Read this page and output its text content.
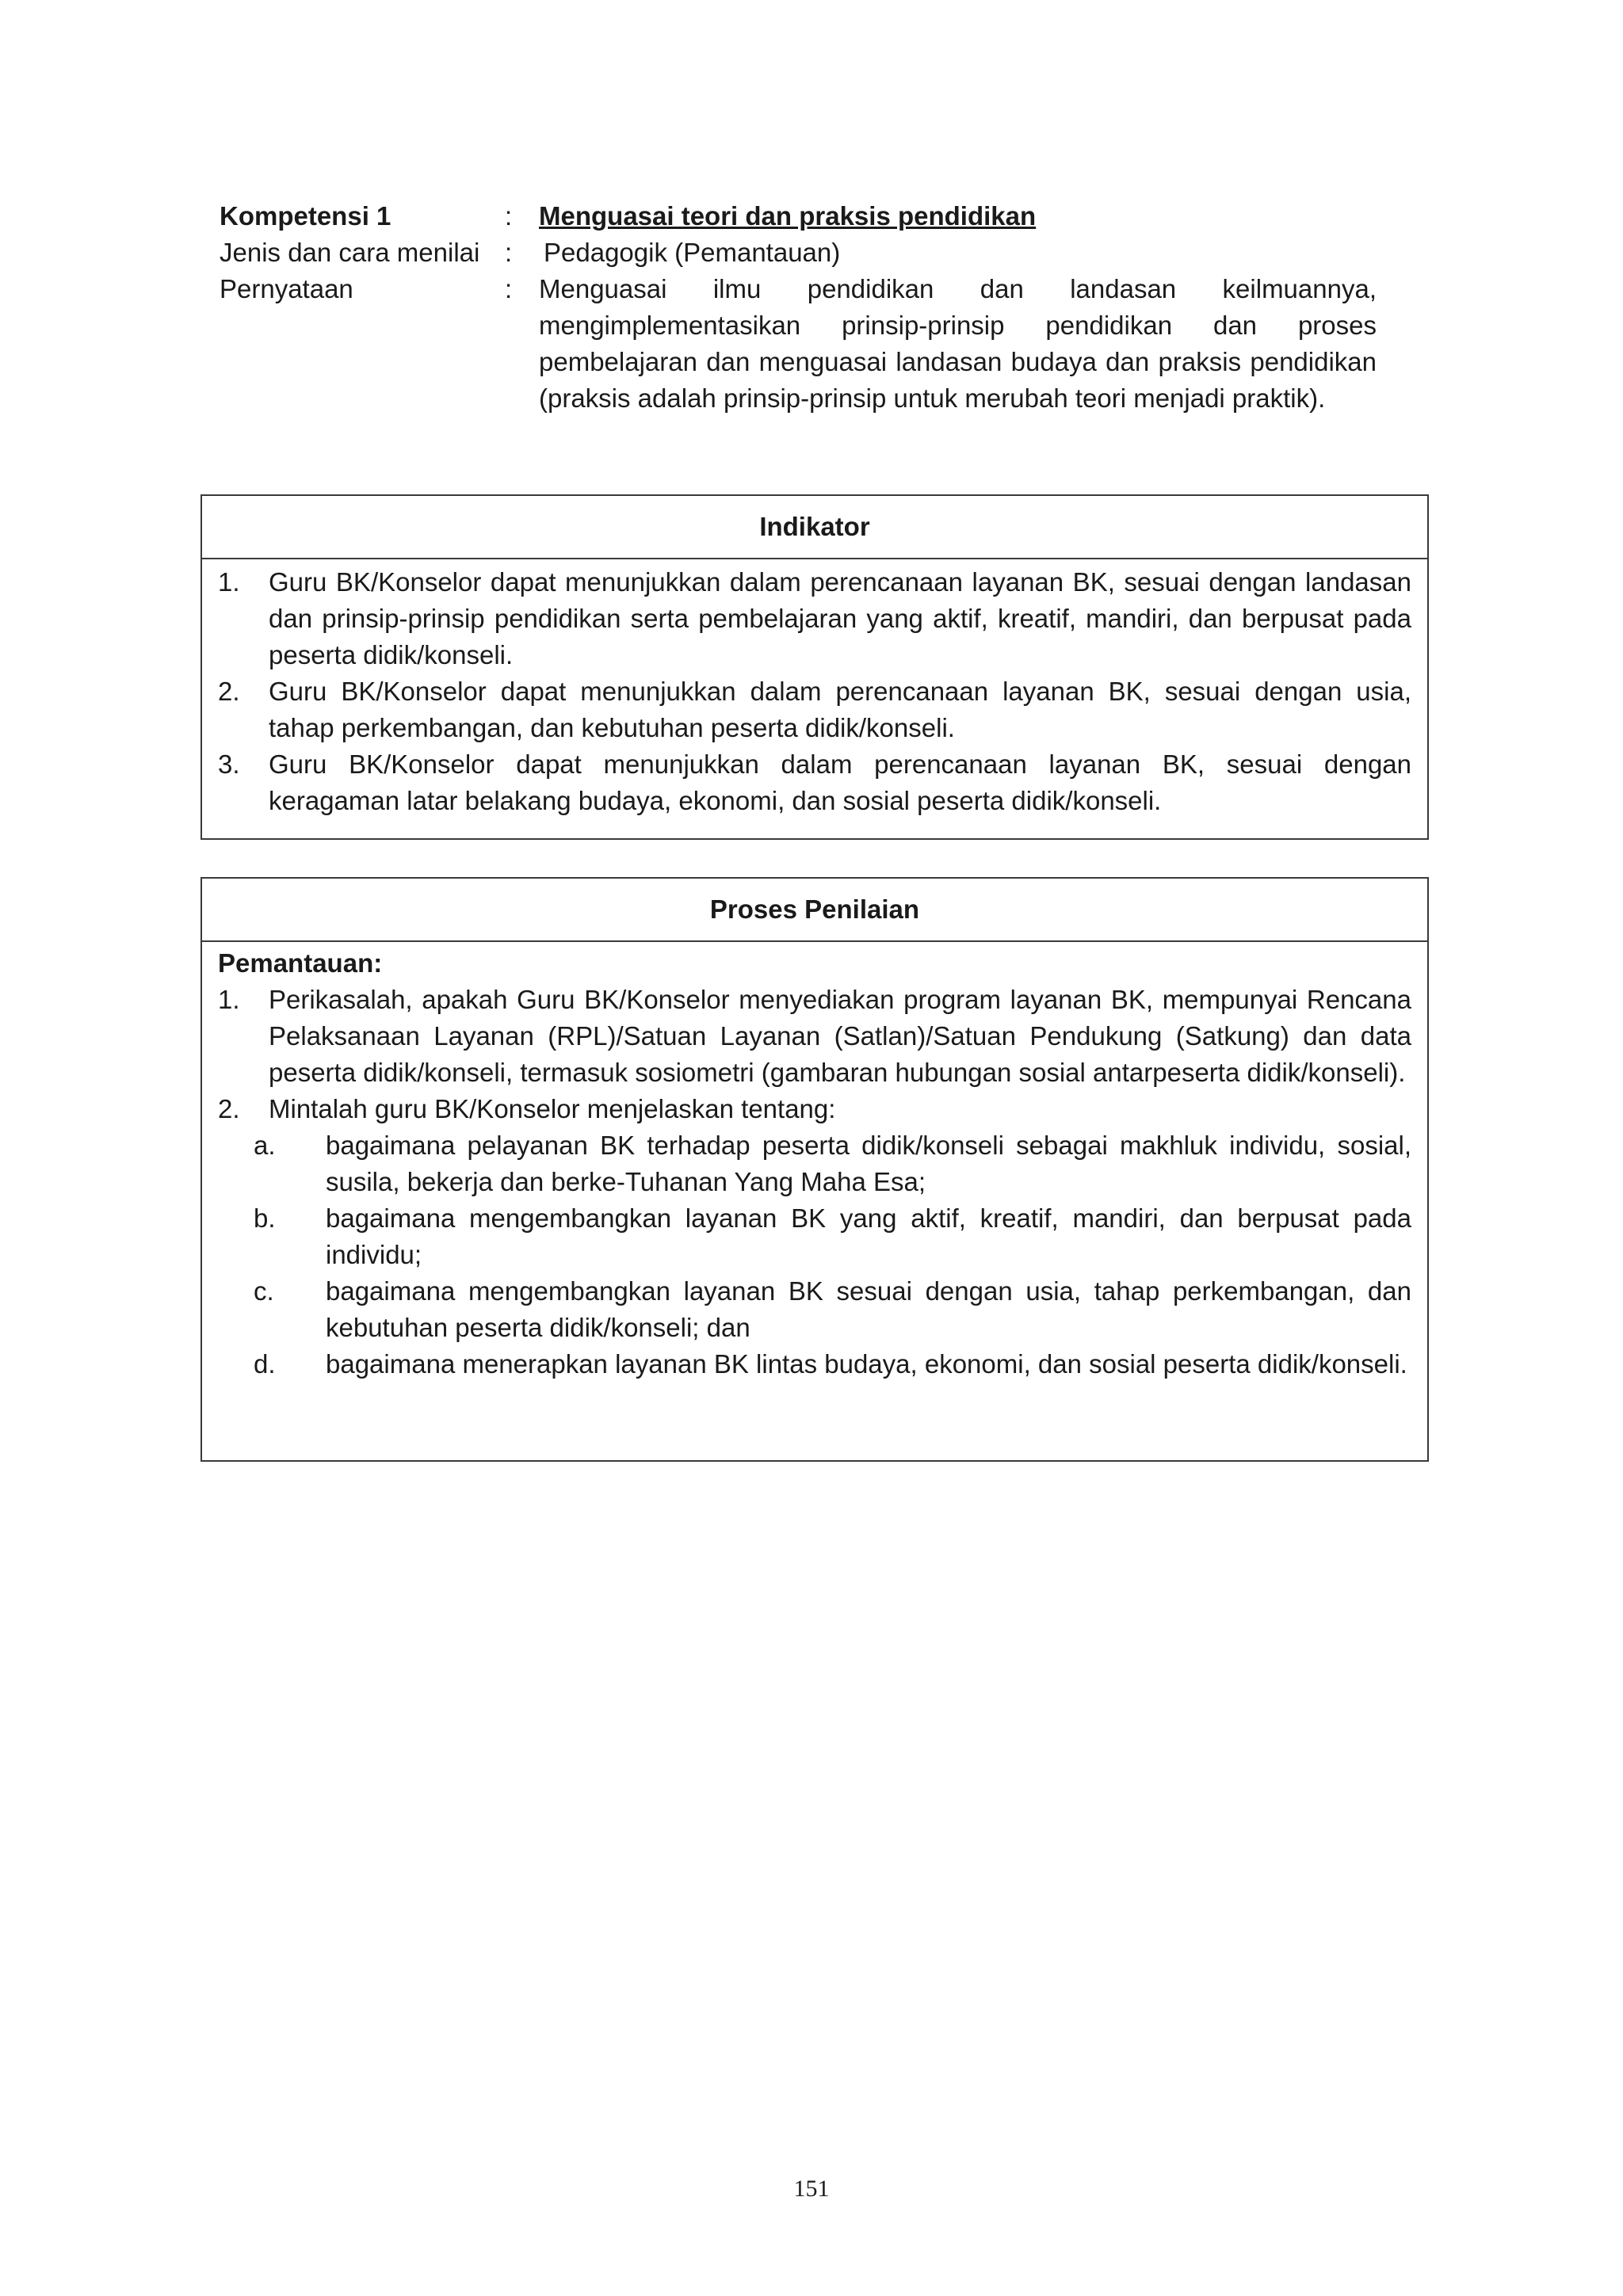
Kompetensi 1	:	Menguasai teori dan praksis pendidikan
Jenis dan cara menilai :	Pedagogik (Pemantauan)
Pernyataan	:	Menguasai ilmu pendidikan dan landasan keilmuannya, mengimplementasikan prinsip-prinsip pendidikan dan proses pembelajaran dan menguasai landasan budaya dan praksis pendidikan (praksis adalah prinsip-prinsip untuk merubah teori menjadi praktik).
Indikator
1.	Guru BK/Konselor dapat menunjukkan dalam perencanaan layanan BK, sesuai dengan landasan dan prinsip-prinsip pendidikan serta pembelajaran yang aktif, kreatif, mandiri, dan berpusat pada peserta didik/konseli.
2.	Guru BK/Konselor dapat menunjukkan dalam perencanaan layanan BK, sesuai dengan usia, tahap perkembangan, dan kebutuhan peserta didik/konseli.
3.	Guru BK/Konselor dapat menunjukkan dalam perencanaan layanan BK, sesuai dengan keragaman latar belakang budaya, ekonomi, dan sosial peserta didik/konseli.
Proses Penilaian
Pemantauan:
1.	Perikasalah, apakah Guru BK/Konselor menyediakan program layanan BK, mempunyai Rencana Pelaksanaan Layanan (RPL)/Satuan Layanan (Satlan)/Satuan Pendukung (Satkung) dan data peserta didik/konseli, termasuk sosiometri (gambaran hubungan sosial antarpeserta didik/konseli).
2.	Mintalah guru BK/Konselor menjelaskan tentang:
a.	bagaimana pelayanan BK terhadap peserta didik/konseli sebagai makhluk individu, sosial, susila, bekerja dan berke-Tuhanan Yang Maha Esa;
b.	bagaimana mengembangkan layanan BK yang aktif, kreatif, mandiri, dan berpusat pada individu;
c.	bagaimana mengembangkan layanan BK sesuai dengan usia, tahap perkembangan, dan kebutuhan peserta didik/konseli; dan
d.	bagaimana menerapkan layanan BK lintas budaya, ekonomi, dan sosial peserta didik/konseli.
151
